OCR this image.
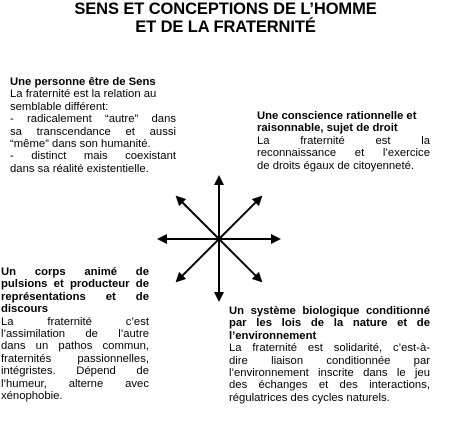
SENS ET CONCEPTIONS DE L’HOMME
ET DE LA FRATERNITÉ
Une personne être de Sens
La fraternité est la relation au
semblable différent:
- radicalement “autre” dans
sa transcendance et aussi
“même” dans son humanité.
- distinct mais coexistant
dans sa réalité existentielle.
Une conscience rationnelle et
raisonnable, sujet de droit
La fraternité est la
reconnaissance et l’exercice
de droits égaux de citoyenneté.
Un corps animé de
pulsions et producteur de
représentations et de
discours
La fraternité c’est
l’assimilation de l’autre
dans un pathos commun,
fraternités passionnelles,
intégristes. Dépend de
l’humeur, alterne avec
xénophobie.
Un système biologique conditionné
par les lois de la nature et de
l’environnement
La fraternité est solidarité, c’est-à-
dire liaison conditionnée par
l’environnement inscrite dans le jeu
des échanges et des interactions,
régulatrices des cycles naturels.
